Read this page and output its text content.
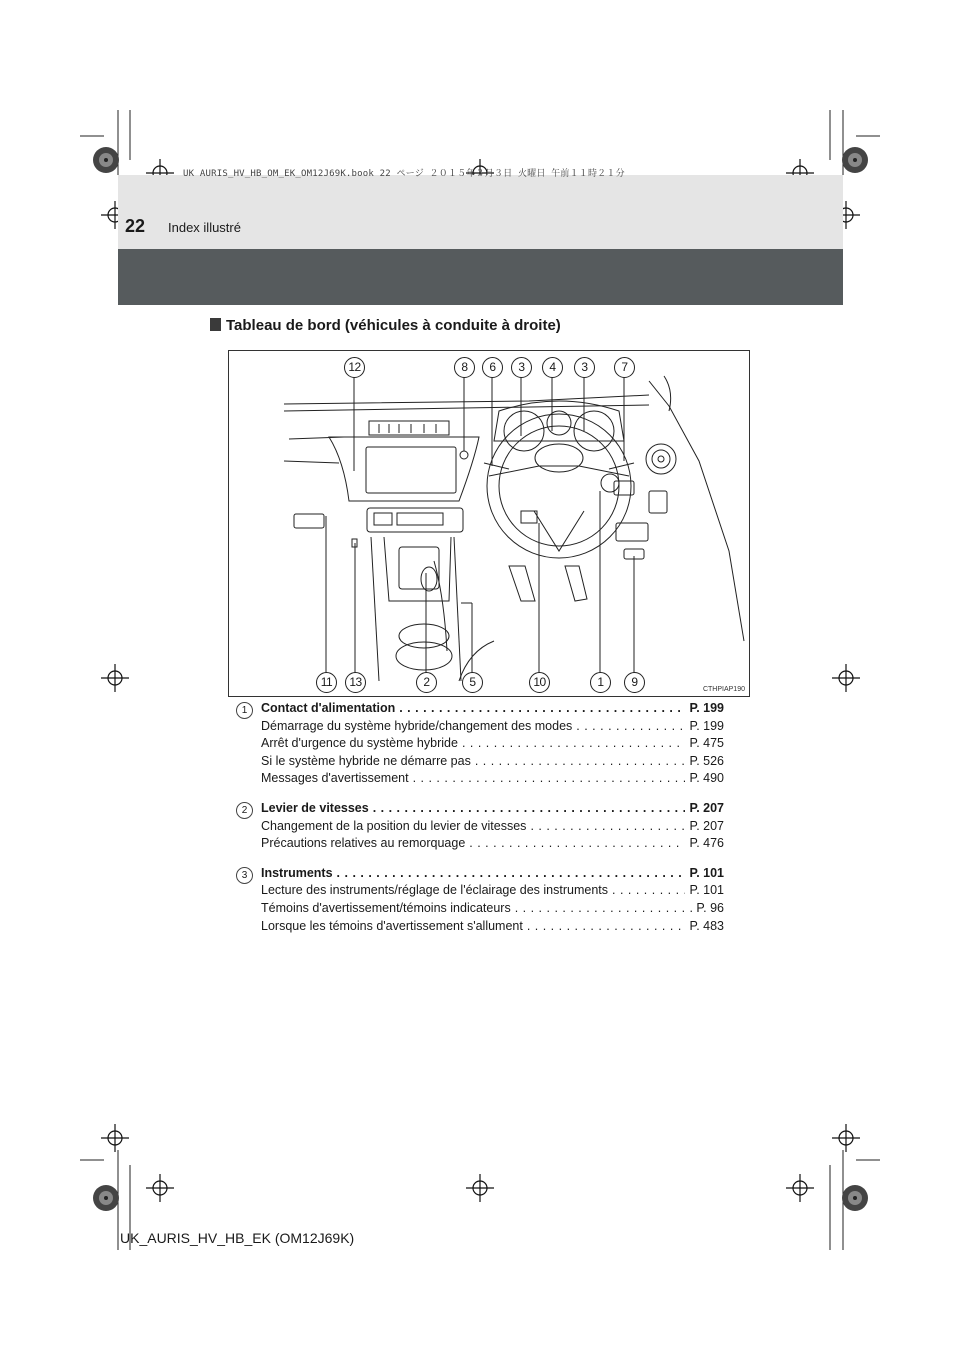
UK AURIS_HV_HB_OM_EK_OM12J69K.book 22 ページ ２０１５年３月３日 火曜日 午前１１時２１分
22 Index illustré
Tableau de bord (véhicules à conduite à droite)
12	8	6	3	4	3	7
11	13	2	5	10	1	9
CTHPIAP190
1	Contact d'alimentation . . .	P. 199
Démarrage du système hybride/changement des modes . . .	P. 199
Arrêt d'urgence du système hybride . . .	P. 475
Si le système hybride ne démarre pas . . .	P. 526
Messages d'avertissement . . .	P. 490
2	Levier de vitesses . . .	P. 207
Changement de la position du levier de vitesses . . .	P. 207
Précautions relatives au remorquage . . .	P. 476
3	Instruments . . .	P. 101
Lecture des instruments/réglage de l'éclairage des instruments . . .	P. 101
Témoins d'avertissement/témoins indicateurs . . .	P. 96
Lorsque les témoins d'avertissement s'allument . . .	P. 483
UK_AURIS_HV_HB_EK (OM12J69K)
